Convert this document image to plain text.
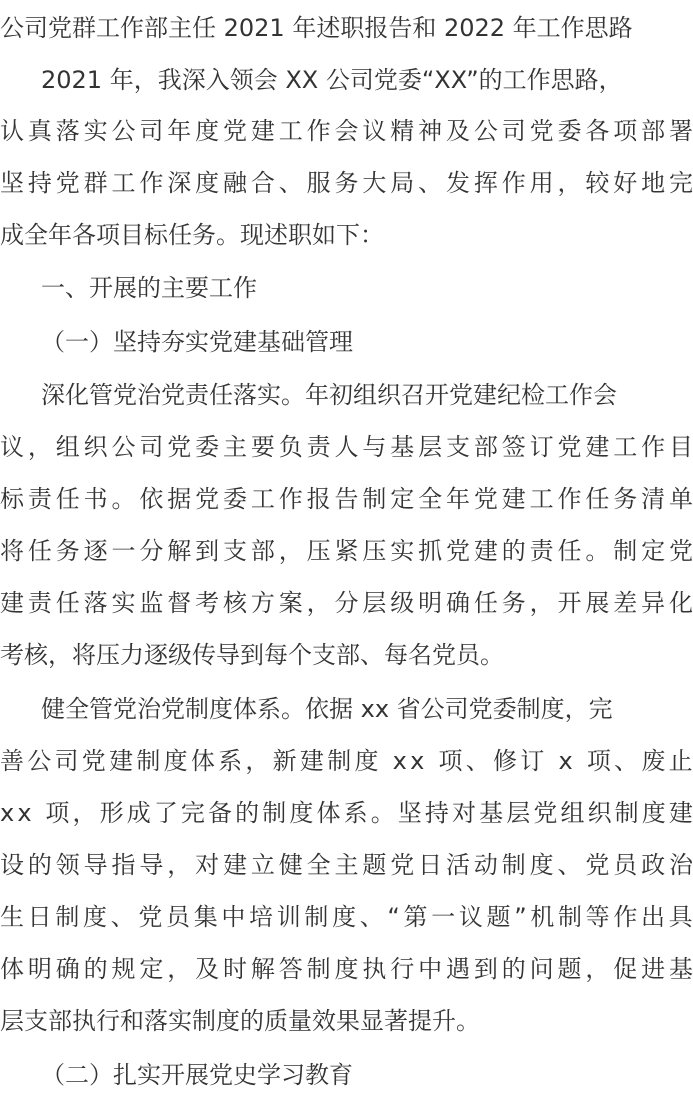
公司党群工作部主任 2021 年述职报告和 2022 年工作思路
2021 年，我深入领会 XX 公司党委“XX”的工作思路，
认 真 落 实 公 司 年 度 党 建 工 作 会 议 精 神 及 公 司 党 委 各 项 部 署
坚 持 党 群 工 作 深 度 融 合 、 服 务 大 局 、 发 挥 作 用 ， 较 好 地 完
成全年各项目标任务。现述职如下：
一、开展的主要工作
（一）坚持夯实党建基础管理
深化管党治党责任落实。年初组织召开党建纪检工作会
议 ， 组 织 公 司 党 委 主 要 负 责 人 与 基 层 支 部 签 订 党 建 工 作 目
标 责 任 书 。 依 据 党 委 工 作 报 告 制 定 全 年 党 建 工 作 任 务 清 单
将 任 务 逐 一 分 解 到 支 部 ， 压 紧 压 实 抓 党 建 的 责 任 。 制 定 党
建 责 任 落 实 监 督 考 核 方 案 ， 分 层 级 明 确 任 务 ， 开 展 差 异 化
考核，将压力逐级传导到每个支部、每名党员。
健全管党治党制度体系。依据 xx 省公司党委制度，完
善 公 司 党 建 制 度 体 系 ， 新 建 制 度
x x
项 、 修 订
x
项 、 废 止
x x
项 ， 形 成 了 完 备 的 制 度 体 系 。 坚 持 对 基 层 党 组 织 制 度 建
设 的 领 导 指 导 ， 对 建 立 健 全 主 题 党 日 活 动 制 度 、 党 员 政 治
生 日 制 度 、 党 员 集 中 培 训 制 度 、 “ 第 一 议 题 ” 机 制 等 作 出 具
体 明 确 的 规 定 ， 及 时 解 答 制 度 执 行 中 遇 到 的 问 题 ， 促 进 基
层支部执行和落实制度的质量效果显著提升。
（二）扎实开展党史学习教育
